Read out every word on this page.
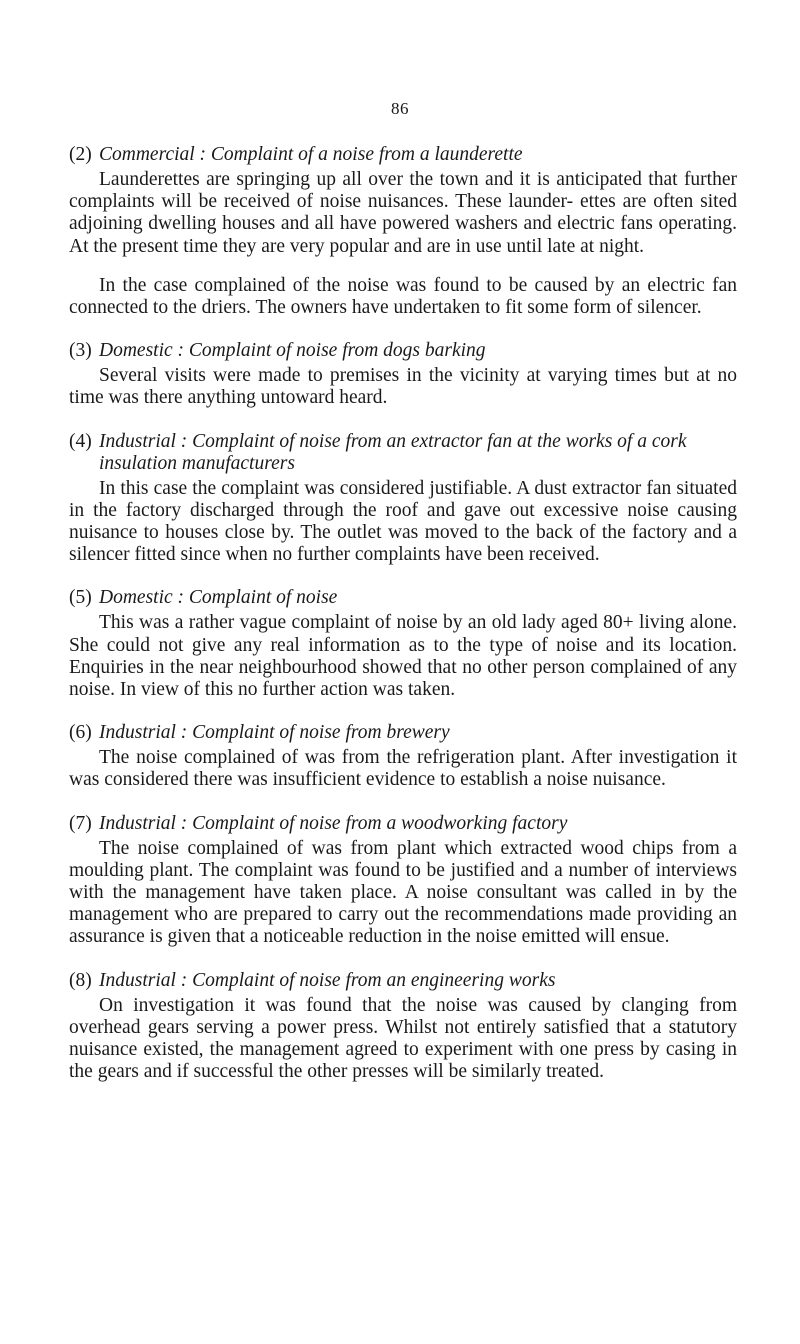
86
(2) Commercial : Complaint of a noise from a launderette

Launderettes are springing up all over the town and it is anticipated that further complaints will be received of noise nuisances. These launder- ettes are often sited adjoining dwelling houses and all have powered washers and electric fans operating. At the present time they are very popular and are in use until late at night.

In the case complained of the noise was found to be caused by an electric fan connected to the driers. The owners have undertaken to fit some form of silencer.

(3) Domestic : Complaint of noise from dogs barking

Several visits were made to premises in the vicinity at varying times but at no time was there anything untoward heard.

(4) Industrial : Complaint of noise from an extractor fan at the works of a cork insulation manufacturers

In this case the complaint was considered justifiable. A dust extractor fan situated in the factory discharged through the roof and gave out excessive noise causing nuisance to houses close by. The outlet was moved to the back of the factory and a silencer fitted since when no further complaints have been received.

(5) Domestic : Complaint of noise

This was a rather vague complaint of noise by an old lady aged 80+ living alone. She could not give any real information as to the type of noise and its location. Enquiries in the near neighbourhood showed that no other person complained of any noise. In view of this no further action was taken.

(6) Industrial : Complaint of noise from brewery

The noise complained of was from the refrigeration plant. After investigation it was considered there was insufficient evidence to establish a noise nuisance.

(7) Industrial : Complaint of noise from a woodworking factory

The noise complained of was from plant which extracted wood chips from a moulding plant. The complaint was found to be justified and a number of interviews with the management have taken place. A noise consultant was called in by the management who are prepared to carry out the recommendations made providing an assurance is given that a noticeable reduction in the noise emitted will ensue.

(8) Industrial : Complaint of noise from an engineering works

On investigation it was found that the noise was caused by clanging from overhead gears serving a power press. Whilst not entirely satisfied that a statutory nuisance existed, the management agreed to experiment with one press by casing in the gears and if successful the other presses will be similarly treated.
